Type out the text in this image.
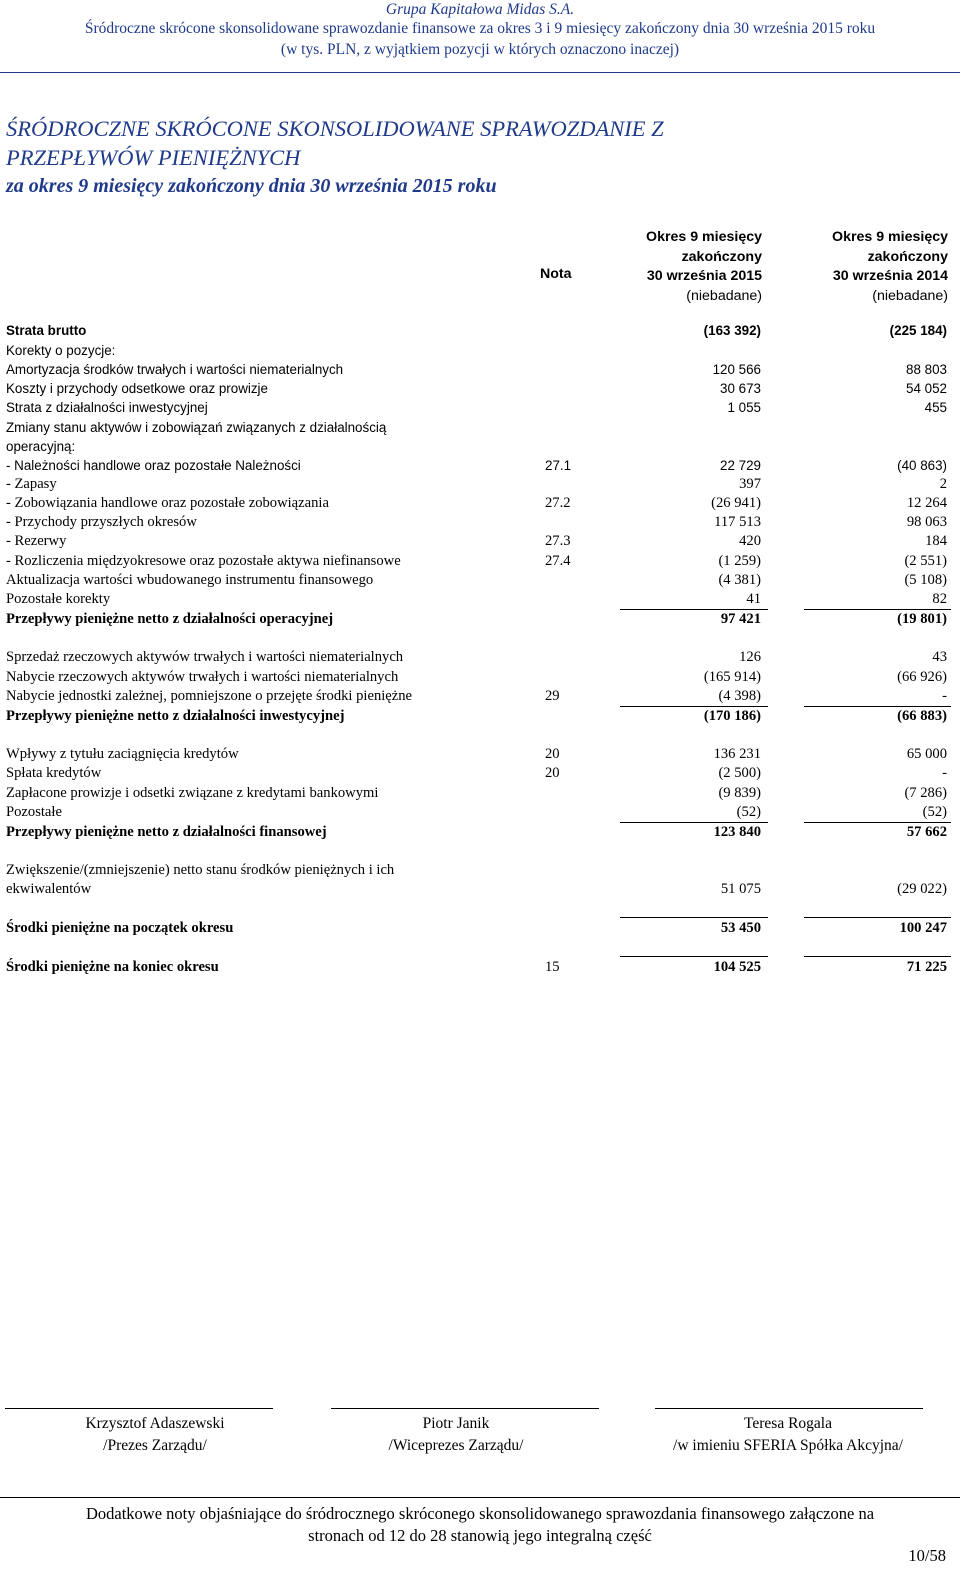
Grupa Kapitałowa Midas S.A.
Śródroczne skrócone skonsolidowane sprawozdanie finansowe za okres 3 i 9 miesięcy zakończony dnia 30 września 2015 roku
(w tys. PLN, z wyjątkiem pozycji w których oznaczono inaczej)
ŚRÓDROCZNE SKRÓCONE SKONSOLIDOWANE SPRAWOZDANIE Z
PRZEPŁYWÓW PIENIĘŻNYCH
za okres 9 miesięcy zakończony dnia 30 września 2015 roku
Nota
Okres 9 miesięcy
zakończony
30 września 2015
(niebadane)
Okres 9 miesięcy
zakończony
30 września 2014
(niebadane)
Strata brutto	(163 392)	(225 184)
Korekty o pozycje:
Amortyzacja środków trwałych i wartości niematerialnych	120 566	88 803
Koszty i przychody odsetkowe oraz prowizje	30 673	54 052
Strata z działalności inwestycyjnej	1 055	455
Zmiany stanu aktywów i zobowiązań związanych z działalnością
operacyjną:
- Należności handlowe oraz pozostałe Należności	27.1	22 729	(40 863)
- Zapasy	397	2
- Zobowiązania handlowe oraz pozostałe zobowiązania	27.2	(26 941)	12 264
- Przychody przyszłych okresów	117 513	98 063
- Rezerwy	27.3	420	184
- Rozliczenia międzyokresowe oraz pozostałe aktywa niefinansowe	27.4	(1 259)	(2 551)
Aktualizacja wartości wbudowanego instrumentu finansowego	(4 381)	(5 108)
Pozostałe korekty	41	82
Przepływy pieniężne netto z działalności operacyjnej	97 421	(19 801)
Sprzedaż rzeczowych aktywów trwałych i wartości niematerialnych	126	43
Nabycie rzeczowych aktywów trwałych i wartości niematerialnych	(165 914)	(66 926)
Nabycie jednostki zależnej, pomniejszone o przejęte środki pieniężne	29	(4 398)	-
Przepływy pieniężne netto z działalności inwestycyjnej	(170 186)	(66 883)
Wpływy z tytułu zaciągnięcia kredytów	20	136 231	65 000
Spłata kredytów	20	(2 500)	-
Zapłacone prowizje i odsetki związane z kredytami bankowymi	(9 839)	(7 286)
Pozostałe	(52)	(52)
Przepływy pieniężne netto z działalności finansowej	123 840	57 662
Zwiększenie/(zmniejszenie) netto stanu środków pieniężnych i ich
ekwiwalentów	51 075	(29 022)
Środki pieniężne na początek okresu	53 450	100 247
Środki pieniężne na koniec okresu	15	104 525	71 225
Krzysztof Adaszewski
/Prezes Zarządu/
Piotr Janik
/Wiceprezes Zarządu/
Teresa Rogala
/w imieniu SFERIA Spółka Akcyjna/
Dodatkowe noty objaśniające do śródrocznego skróconego skonsolidowanego sprawozdania finansowego załączone na
stronach od 12 do 28 stanowią jego integralną część
10/58
